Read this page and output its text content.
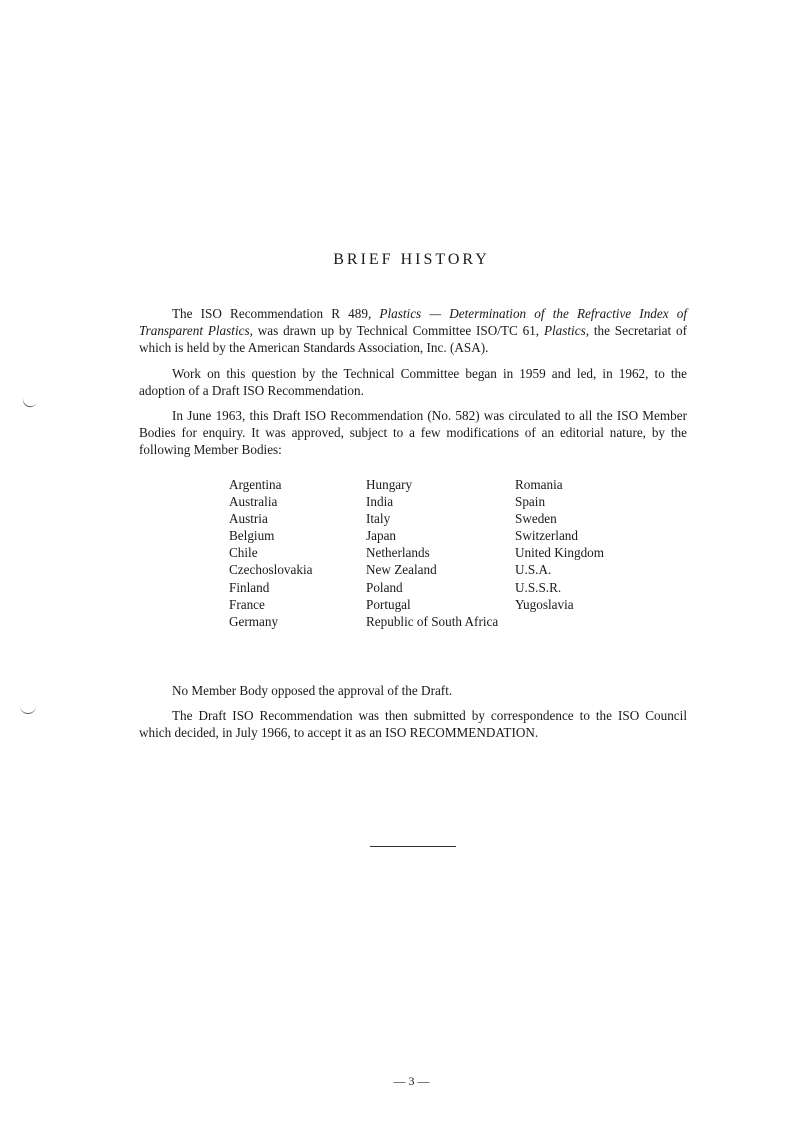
BRIEF HISTORY

The ISO Recommendation R 489, Plastics — Determination of the Refractive Index of Transparent Plastics, was drawn up by Technical Committee ISO/TC 61, Plastics, the Secretariat of which is held by the American Standards Association, Inc. (ASA).

Work on this question by the Technical Committee began in 1959 and led, in 1962, to the adoption of a Draft ISO Recommendation.

In June 1963, this Draft ISO Recommendation (No. 582) was circulated to all the ISO Member Bodies for enquiry. It was approved, subject to a few modifications of an editorial nature, by the following Member Bodies:

Argentina
Australia
Austria
Belgium
Chile
Czechoslovakia
Finland
France
Germany
Hungary
India
Italy
Japan
Netherlands
New Zealand
Poland
Portugal
Republic of South Africa
Romania
Spain
Sweden
Switzerland
United Kingdom
U.S.A.
U.S.S.R.
Yugoslavia

No Member Body opposed the approval of the Draft.

The Draft ISO Recommendation was then submitted by correspondence to the ISO Council which decided, in July 1966, to accept it as an ISO RECOMMENDATION.

— 3 —
